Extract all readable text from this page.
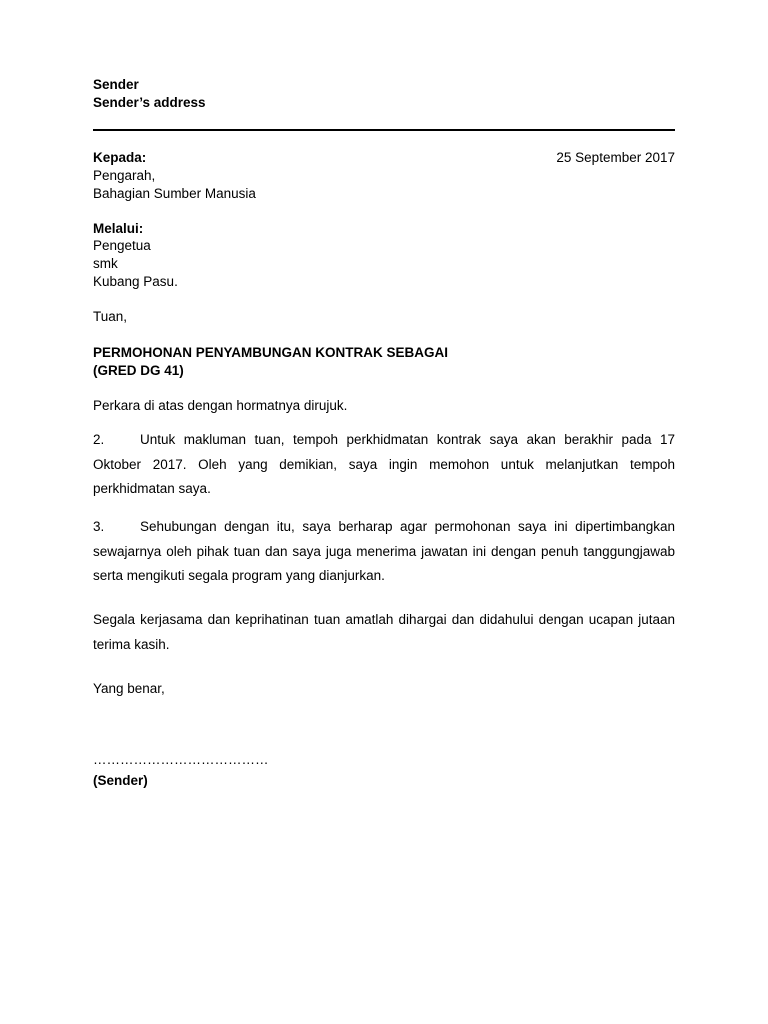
Sender
Sender’s address
Kepada:	25 September 2017
Pengarah,
Bahagian Sumber Manusia
Melalui:
Pengetua
smk
Kubang Pasu.
Tuan,
PERMOHONAN PENYAMBUNGAN KONTRAK SEBAGAI
(GRED DG 41)
Perkara di atas dengan hormatnya dirujuk.
2.	Untuk makluman tuan, tempoh perkhidmatan kontrak saya akan berakhir pada 17 Oktober 2017. Oleh yang demikian, saya ingin memohon untuk melanjutkan tempoh perkhidmatan saya.
3.	Sehubungan dengan itu, saya berharap agar permohonan saya ini dipertimbangkan sewajarnya oleh pihak tuan dan saya juga menerima jawatan ini dengan penuh tanggungjawab serta mengikuti segala program yang dianjurkan.
Segala kerjasama dan keprihatinan tuan amatlah dihargai dan didahului dengan ucapan jutaan terima kasih.
Yang benar,
…………………………………
(Sender)
